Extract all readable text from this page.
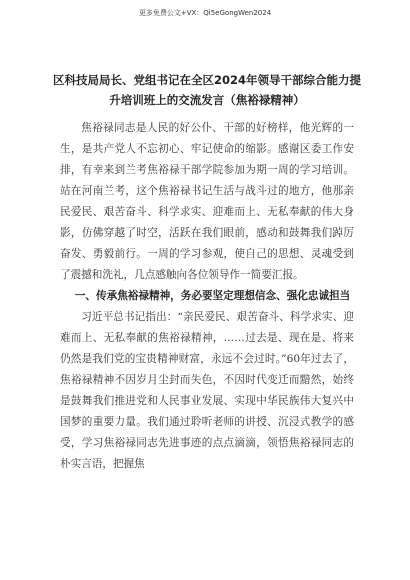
更多免费公文+VX：Qi5eGongWen2024
区科技局局长、党组书记在全区2024年领导干部综合能力提升培训班上的交流发言（焦裕禄精神）

焦裕禄同志是人民的好公仆、干部的好榜样，他光辉的一生，是共产党人不忘初心、牢记使命的缩影。感谢区委工作安排，有幸来到兰考焦裕禄干部学院参加为期一周的学习培训。站在河南兰考，这个焦裕禄书记生活与战斗过的地方，他那亲民爱民、艰苦奋斗、科学求实、迎难而上、无私奉献的伟大身影，仿佛穿越了时空，活跃在我们眼前，感动和鼓舞我们踔厉奋发、勇毅前行。一周的学习参观，使自己的思想、灵魂受到了震撼和洗礼，几点感触向各位领导作一简要汇报。

一、传承焦裕禄精神，务必要坚定理想信念、强化忠诚担当

习近平总书记指出：“亲民爱民、艰苦奋斗、科学求实、迎难而上、无私奉献的焦裕禄精神，……过去是、现在是、将来仍然是我们党的宝贵精神财富，永远不会过时。”60年过去了，焦裕禄精神不因岁月尘封而失色，不因时代变迁而黯然，始终是鼓舞我们推进党和人民事业发展、实现中华民族伟大复兴中国梦的重要力量。我们通过聆听老师的讲授、沉浸式教学的感受，学习焦裕禄同志先进事迹的点点滴滴，领悟焦裕禄同志的朴实言语，把握焦
